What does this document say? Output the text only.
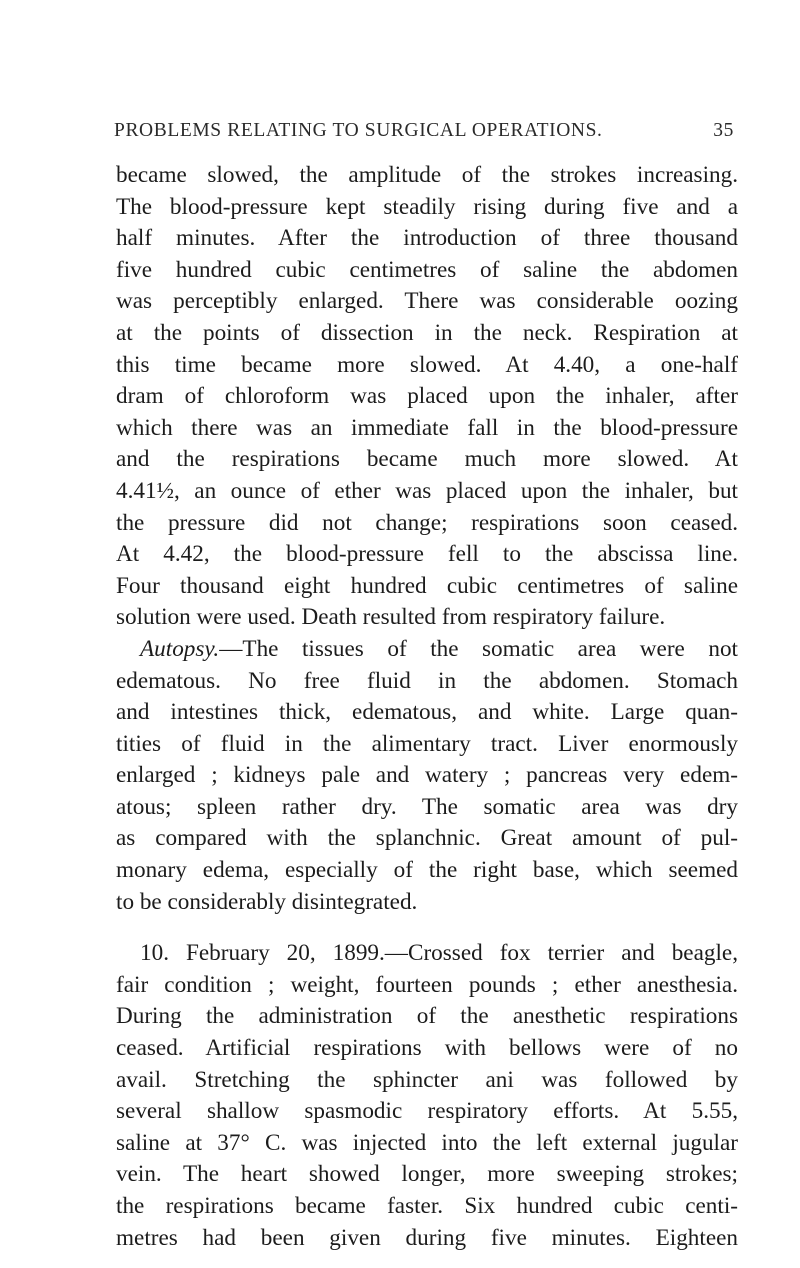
PROBLEMS RELATING TO SURGICAL OPERATIONS.	35
became slowed, the amplitude of the strokes increasing.
The blood-pressure kept steadily rising during five and a
half minutes. After the introduction of three thousand
five hundred cubic centimetres of saline the abdomen
was perceptibly enlarged. There was considerable oozing
at the points of dissection in the neck. Respiration at
this time became more slowed. At 4.40, a one-half
dram of chloroform was placed upon the inhaler, after
which there was an immediate fall in the blood-pressure
and the respirations became much more slowed. At
4.41½, an ounce of ether was placed upon the inhaler, but
the pressure did not change; respirations soon ceased.
At 4.42, the blood-pressure fell to the abscissa line.
Four thousand eight hundred cubic centimetres of saline
solution were used. Death resulted from respiratory failure.
Autopsy.—The tissues of the somatic area were not
edematous. No free fluid in the abdomen. Stomach
and intestines thick, edematous, and white. Large quan-
tities of fluid in the alimentary tract. Liver enormously
enlarged ; kidneys pale and watery ; pancreas very edem-
atous; spleen rather dry. The somatic area was dry
as compared with the splanchnic. Great amount of pul-
monary edema, especially of the right base, which seemed
to be considerably disintegrated.
10. February 20, 1899.—Crossed fox terrier and beagle,
fair condition ; weight, fourteen pounds ; ether anesthesia.
During the administration of the anesthetic respirations
ceased. Artificial respirations with bellows were of no
avail. Stretching the sphincter ani was followed by
several shallow spasmodic respiratory efforts. At 5.55,
saline at 37° C. was injected into the left external jugular
vein. The heart showed longer, more sweeping strokes;
the respirations became faster. Six hundred cubic centi-
metres had been given during five minutes. Eighteen
